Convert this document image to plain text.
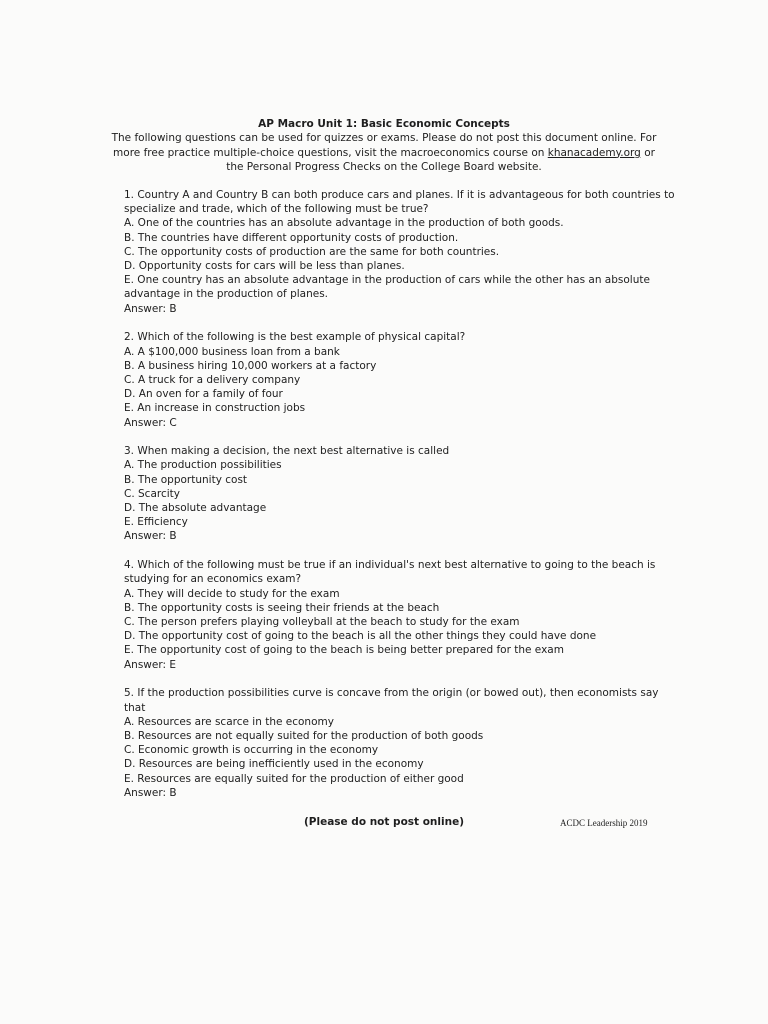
AP Macro Unit 1: Basic Economic Concepts
The following questions can be used for quizzes or exams. Please do not post this document online. For
more free practice multiple-choice questions, visit the macroeconomics course on khanacademy.org or
the Personal Progress Checks on the College Board website.
1. Country A and Country B can both produce cars and planes. If it is advantageous for both countries to
specialize and trade, which of the following must be true?
A. One of the countries has an absolute advantage in the production of both goods.
B. The countries have different opportunity costs of production.
C. The opportunity costs of production are the same for both countries.
D. Opportunity costs for cars will be less than planes.
E. One country has an absolute advantage in the production of cars while the other has an absolute
advantage in the production of planes.
Answer: B
2. Which of the following is the best example of physical capital?
A. A $100,000 business loan from a bank
B. A business hiring 10,000 workers at a factory
C. A truck for a delivery company
D. An oven for a family of four
E. An increase in construction jobs
Answer: C
3. When making a decision, the next best alternative is called
A. The production possibilities
B. The opportunity cost
C. Scarcity
D. The absolute advantage
E. Efficiency
Answer: B
4. Which of the following must be true if an individual's next best alternative to going to the beach is
studying for an economics exam?
A. They will decide to study for the exam
B. The opportunity costs is seeing their friends at the beach
C. The person prefers playing volleyball at the beach to study for the exam
D. The opportunity cost of going to the beach is all the other things they could have done
E. The opportunity cost of going to the beach is being better prepared for the exam
Answer: E
5. If the production possibilities curve is concave from the origin (or bowed out), then economists say
that
A. Resources are scarce in the economy
B. Resources are not equally suited for the production of both goods
C. Economic growth is occurring in the economy
D. Resources are being inefficiently used in the economy
E. Resources are equally suited for the production of either good
Answer: B
(Please do not post online)	ACDC Leadership 2019
